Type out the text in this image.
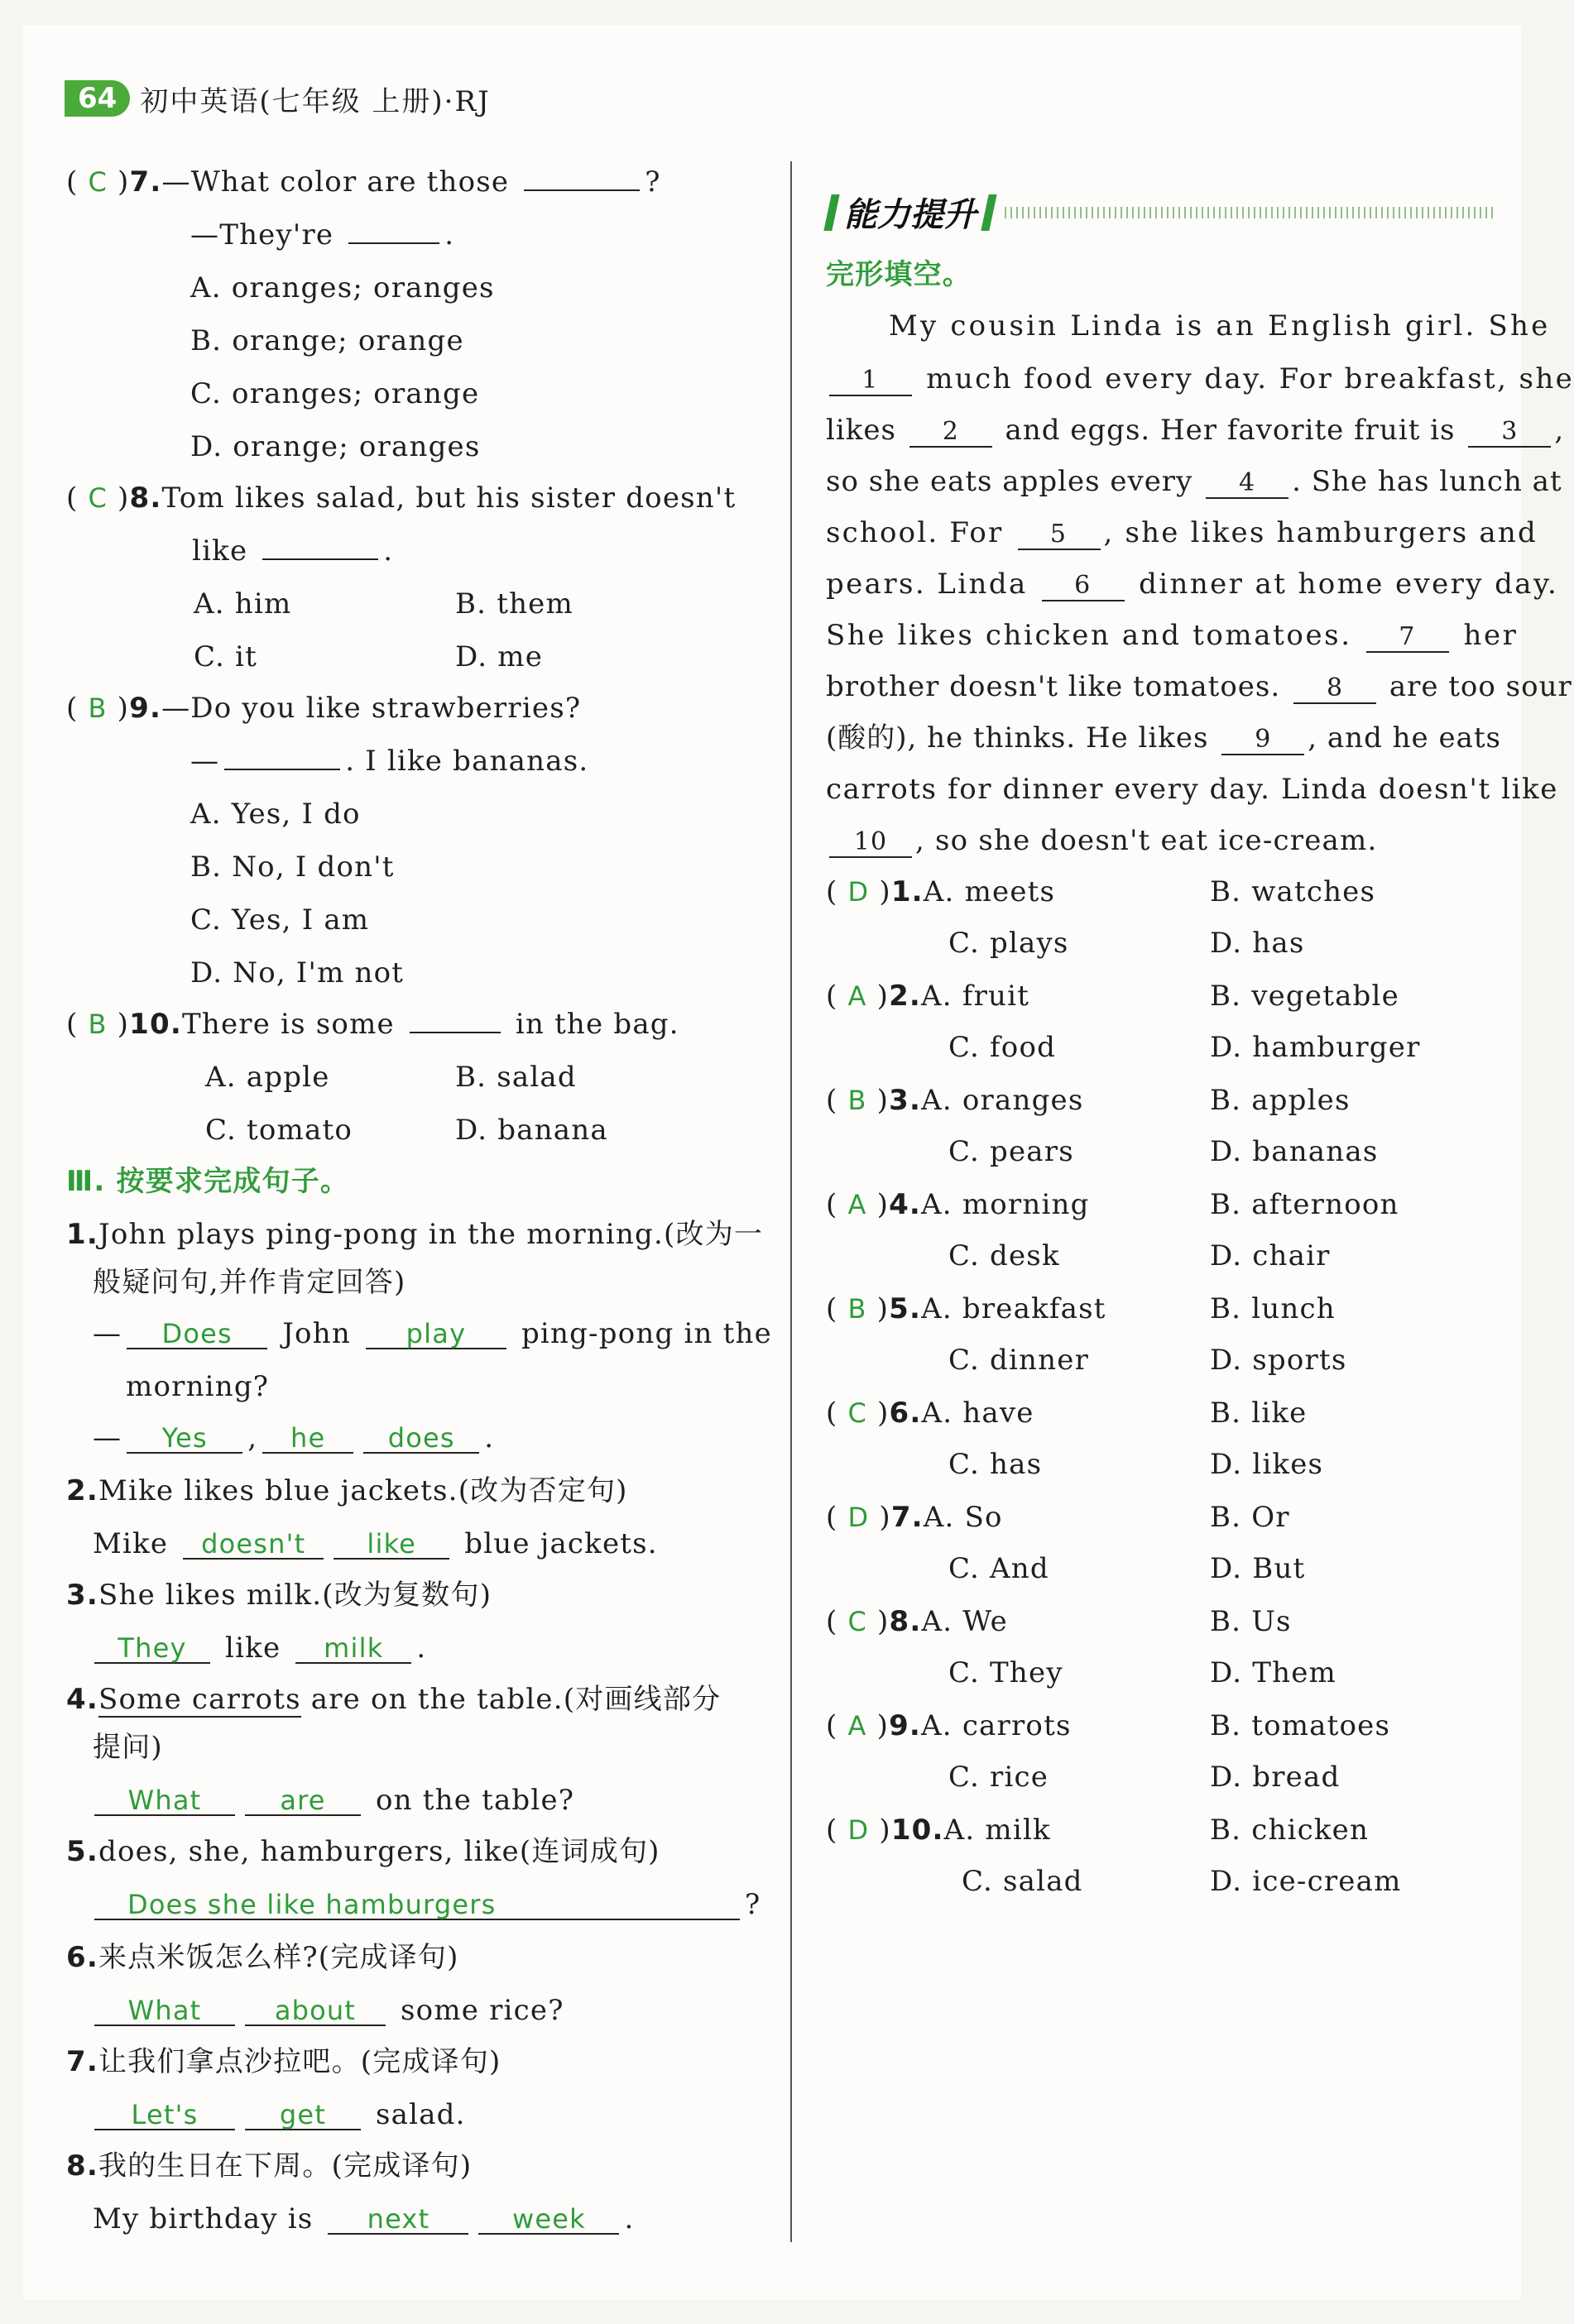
64 初中英语(七年级 上册)·RJ
( C )7.—What color are those	?
—They're	.
A. oranges; oranges
B. orange; orange
C. oranges; orange
D. orange; oranges
( C )8.Tom likes salad, but his sister doesn't
like	.
A. him	B. them
C. it	D. me
( B )9.—Do you like strawberries?
—	. I like bananas.
A. Yes, I do
B. No, I don't
C. Yes, I am
D. No, I'm not
( B )10.There is some	in the bag.
A. apple	B. salad
C. tomato	D. banana
Ⅲ. 按要求完成句子。
1.John plays ping-pong in the morning.(改为一
般疑问句,并作肯定回答)
— Does John play ping-pong in the
morning?
— Yes , he does .
2.Mike likes blue jackets.(改为否定句)
Mike doesn't like blue jackets.
3.She likes milk.(改为复数句)
They like milk .
4.Some carrots are on the table.(对画线部分
提问)
What	are on the table?
5.does, she, hamburgers, like(连词成句)
Does she like hamburgers	?
6.来点米饭怎么样?(完成译句)
What	about some rice?
7.让我们拿点沙拉吧。(完成译句)
Let's	get salad.
8.我的生日在下周。(完成译句)
My birthday is next	week .
能力提升
完形填空。
My cousin Linda is an English girl. She
1 much food every day. For breakfast, she
likes 2 and eggs. Her favorite fruit is 3 ,
so she eats apples every 4 . She has lunch at
school. For 5 , she likes hamburgers and
pears. Linda 6 dinner at home every day.
She likes chicken and tomatoes. 7 her
brother doesn't like tomatoes. 8 are too sour
(酸的), he thinks. He likes 9 , and he eats
carrots for dinner every day. Linda doesn't like
10 , so she doesn't eat ice-cream.
( D )1.A. meets	B. watches
C. plays	D. has
( A )2.A. fruit	B. vegetable
C. food	D. hamburger
( B )3.A. oranges	B. apples
C. pears	D. bananas
( A )4.A. morning	B. afternoon
C. desk	D. chair
( B )5.A. breakfast	B. lunch
C. dinner	D. sports
( C )6.A. have	B. like
C. has	D. likes
( D )7.A. So	B. Or
C. And	D. But
( C )8.A. We	B. Us
C. They	D. Them
( A )9.A. carrots	B. tomatoes
C. rice	D. bread
( D )10.A. milk	B. chicken
C. salad	D. ice-cream
